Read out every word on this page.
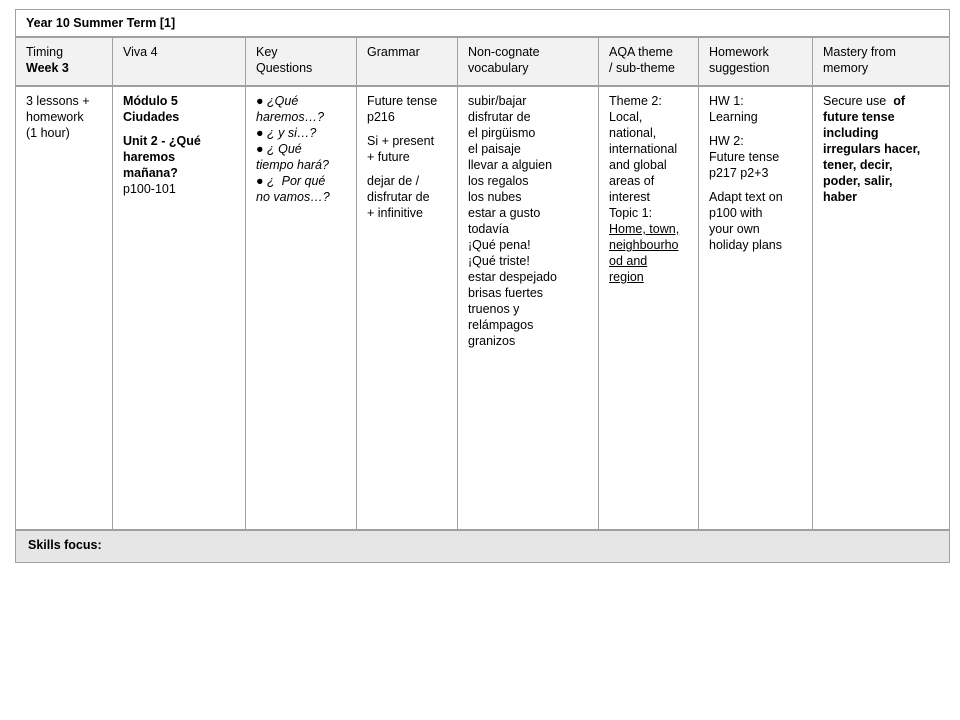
Year 10 Summer Term [1]
Timing
Week 3
Viva 4	Key
Questions
Grammar	Non-cognate
vocabulary
AQA theme
/ sub-theme
Homework
suggestion
Mastery from
memory
3 lessons +
homework
(1 hour)
Módulo 5
Ciudades
Unit 2 - ¿Qué
haremos
mañana?
p100-101
● ¿Qué
haremos…?
● ¿ y si…?
● ¿ Qué
tiempo hará?
● ¿  Por qué
no vamos…?
Future tense
p216
Si + present
+ future
dejar de /
disfrutar de
+ infinitive
subir/bajar
disfrutar de
el pirgüismo
el paisaje
llevar a alguien
los regalos
los nubes
estar a gusto
todavía
¡Qué pena!
¡Qué triste!
estar despejado
brisas fuertes
truenos y
relámpagos
granizos
Theme 2:
Local,
national,
international
and global
areas of
interest
Topic 1:
Home, town,
neighbourho
od and
region
HW 1:
Learning
HW 2:
Future tense
p217 p2+3
Adapt text on
p100 with
your own
holiday plans
Secure use  of
future tense
including
irregulars hacer,
tener, decir,
poder, salir,
haber
Skills focus:
